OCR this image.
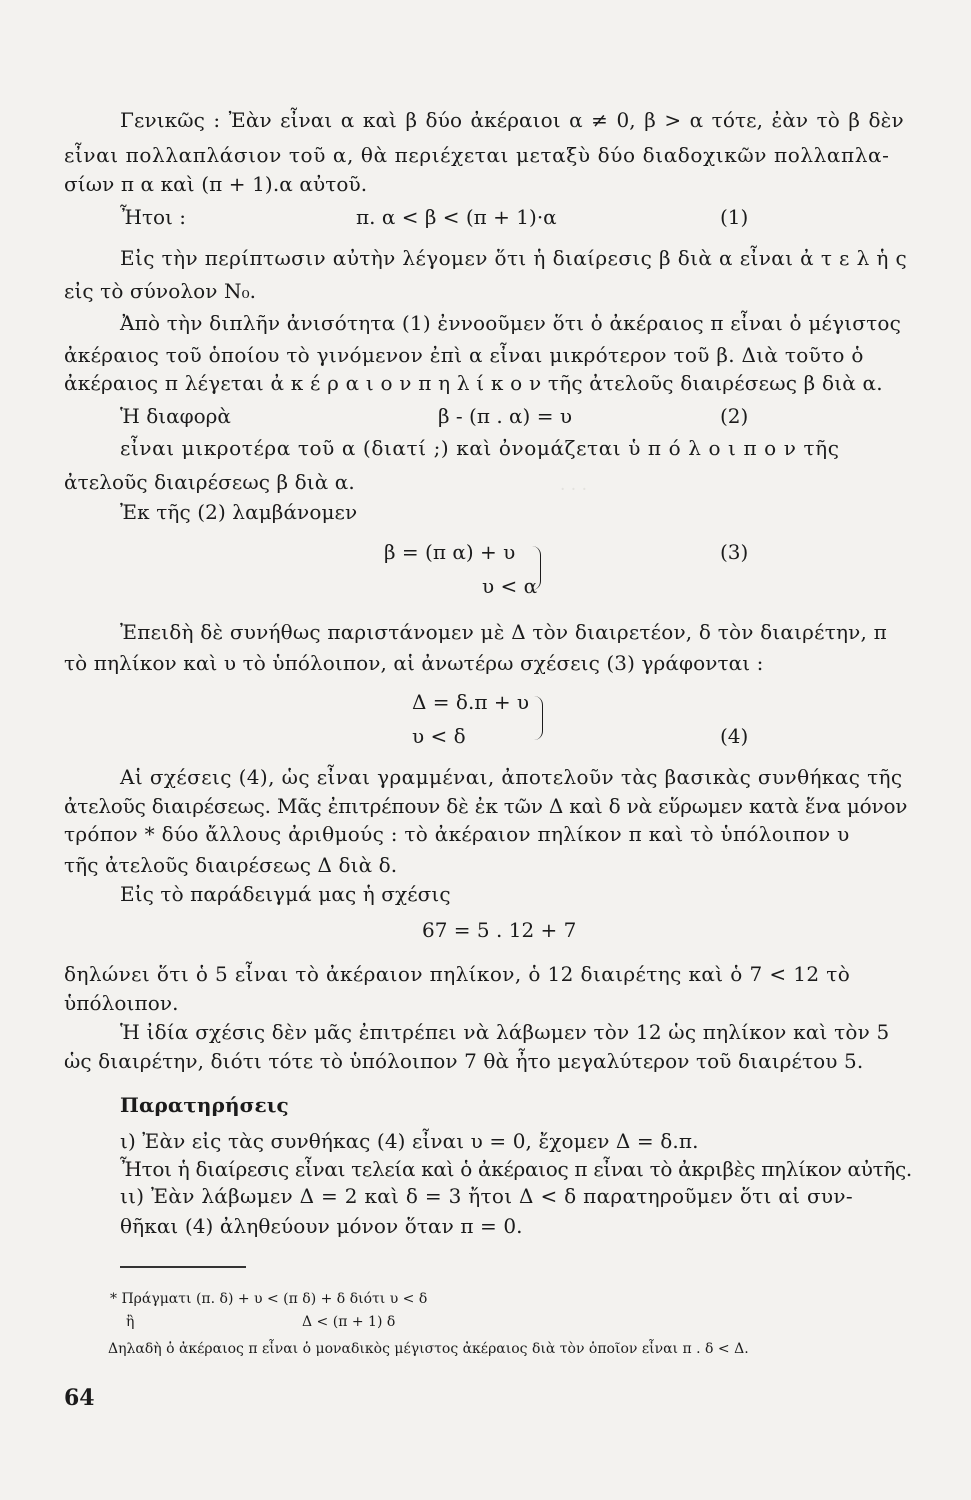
· · ·
Γενικῶς : Ἐὰν εἶναι α καὶ β δύο ἀκέραιοι α ≠ 0, β > α τότε, ἐὰν τὸ β δὲν
εἶναι πολλαπλάσιον τοῦ α, θὰ περιέχεται μεταξὺ δύο διαδοχικῶν πολλαπλα-
σίων π α καὶ (π + 1).α αὐτοῦ.
Ἦτοι :	π. α < β < (π + 1)·α	(1)
Εἰς τὴν περίπτωσιν αὐτὴν λέγομεν ὅτι ἡ διαίρεσις β διὰ α εἶναι ἀ τ ε λ ἡ ς
εἰς τὸ σύνολον N₀.
Ἀπὸ τὴν διπλῆν ἀνισότητα (1) ἐννοοῦμεν ὅτι ὁ ἀκέραιος π εἶναι ὁ μέγιστος
ἀκέραιος τοῦ ὁποίου τὸ γινόμενον ἐπὶ α εἶναι μικρότερον τοῦ β. Διὰ τοῦτο ὁ
ἀκέραιος π λέγεται ἀ κ έ ρ α ι ο ν π η λ ί κ ο ν τῆς ἀτελοῦς διαιρέσεως β διὰ α.
Ἡ διαφορὰ	β - (π . α) = υ	(2)
εἶναι μικροτέρα τοῦ α (διατί ;) καὶ ὀνομάζεται ὑ π ό λ ο ι π ο ν τῆς
ἀτελοῦς διαιρέσεως β διὰ α.
Ἐκ τῆς (2) λαμβάνομεν
β = (π α) + υ
υ < α
(3)
Ἐπειδὴ δὲ συνήθως παριστάνομεν μὲ Δ τὸν διαιρετέον, δ τὸν διαιρέτην, π
τὸ πηλίκον καὶ υ τὸ ὑπόλοιπον, αἱ ἀνωτέρω σχέσεις (3) γράφονται :
Δ = δ.π + υ
υ < δ	(4)
Αἱ σχέσεις (4), ὡς εἶναι γραμμέναι, ἀποτελοῦν τὰς βασικὰς συνθήκας τῆς
ἀτελοῦς διαιρέσεως. Μᾶς ἐπιτρέπουν δὲ ἐκ τῶν Δ καὶ δ νὰ εὕρωμεν κατὰ ἕνα μόνον
τρόπον * δύο ἄλλους ἀριθμούς : τὸ ἀκέραιον πηλίκον π καὶ τὸ ὑπόλοιπον υ
τῆς ἀτελοῦς διαιρέσεως Δ διὰ δ.
Εἰς τὸ παράδειγμά μας ἡ σχέσις
67 = 5 . 12 + 7
δηλώνει ὅτι ὁ 5 εἶναι τὸ ἀκέραιον πηλίκον, ὁ 12 διαιρέτης καὶ ὁ 7 < 12 τὸ
ὑπόλοιπον.
Ἡ ἰδία σχέσις δὲν μᾶς ἐπιτρέπει νὰ λάβωμεν τὸν 12 ὡς πηλίκον καὶ τὸν 5
ὡς διαιρέτην, διότι τότε τὸ ὑπόλοιπον 7 θὰ ἦτο μεγαλύτερον τοῦ διαιρέτου 5.
Παρατηρήσεις
ι) Ἐὰν εἰς τὰς συνθήκας (4) εἶναι υ = 0, ἔχομεν Δ = δ.π.
Ἦτοι ἡ διαίρεσις εἶναι τελεία καὶ ὁ ἀκέραιος π εἶναι τὸ ἀκριβὲς πηλίκον αὐτῆς.
ιι) Ἐὰν λάβωμεν Δ = 2 καὶ δ = 3 ἤτοι Δ < δ παρατηροῦμεν ὅτι αἱ συν-
θῆκαι (4) ἀληθεύουν μόνον ὅταν π = 0.
* Πράγματι (π. δ) + υ < (π δ) + δ διότι υ < δ
ἢ	Δ < (π + 1) δ
Δηλαδὴ ὁ ἀκέραιος π εἶναι ὁ μοναδικὸς μέγιστος ἀκέραιος διὰ τὸν ὁποῖον εἶναι π . δ < Δ.
64
